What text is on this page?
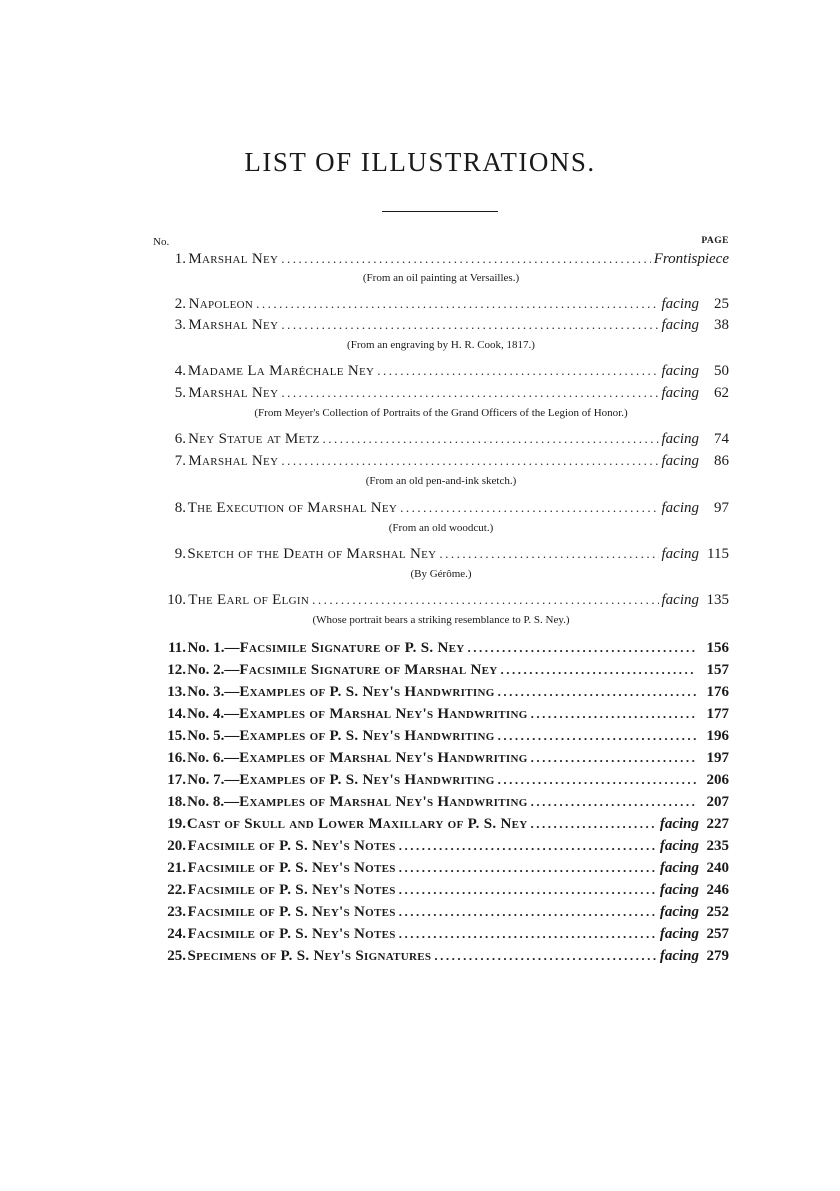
LIST OF ILLUSTRATIONS.
No.	PAGE
1. Marshal Ney .....	Frontispiece
(From an oil painting at Versailles.)
2. Napoleon .....	facing	25
3. Marshal Ney .....	facing	38
(From an engraving by H. R. Cook, 1817.)
4. Madame La Maréchale Ney .....	facing	50
5. Marshal Ney .....	facing	62
(From Meyer's Collection of Portraits of the Grand Officers of the Legion of Honor.)
6. Ney Statue at Metz .....	facing	74
7. Marshal Ney .....	facing	86
(From an old pen-and-ink sketch.)
8. The Execution of Marshal Ney .....	facing	97
(From an old woodcut.)
9. Sketch of the Death of Marshal Ney .....	facing 115
(By Gérôme.)
10. The Earl of Elgin .....	facing 135
(Whose portrait bears a striking resemblance to P. S. Ney.)
11. No. 1.— Facsimile Signature of P. S. Ney .....	156
12. No. 2.— Facsimile Signature of Marshal Ney .....	157
13. No. 3.— Examples of P. S. Ney's Handwriting .....	176
14. No. 4.— Examples of Marshal Ney's Handwriting .....	177
15. No. 5.— Examples of P. S. Ney's Handwriting .....	196
16. No. 6.— Examples of Marshal Ney's Handwriting .....	197
17. No. 7.— Examples of P. S. Ney's Handwriting .....	206
18. No. 8.— Examples of Marshal Ney's Handwriting .....	207
19. Cast of Skull and Lower Maxillary of P. S. Ney .....	facing 227
20. Facsimile of P. S. Ney's Notes .....	facing 235
21. Facsimile of P. S. Ney's Notes .....	facing 240
22. Facsimile of P. S. Ney's Notes .....	facing 246
23. Facsimile of P. S. Ney's Notes .....	facing 252
24. Facsimile of P. S. Ney's Notes .....	facing 257
25. Specimens of P. S. Ney's Signatures .....	facing 279
